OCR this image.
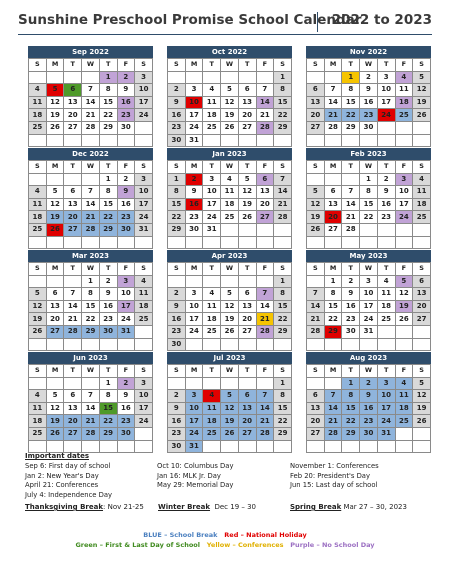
Sunshine Preschool Promise School Calendar
2022 to 2023
Sep 2022
S	M	T	W	T	F	S
				1	2	3
4	5	6	7	8	9	10
11	12	13	14	15	16	17
18	19	20	21	22	23	24
25	26	27	28	29	30	

Oct 2022
S	M	T	W	T	F	S
						1
2	3	4	5	6	7	8
9	10	11	12	13	14	15
16	17	18	19	20	21	22
23	24	25	26	27	28	29
30	31					
Nov 2022
S	M	T	W	T	F	S
		1	2	3	4	5
6	7	8	9	10	11	12
13	14	15	16	17	18	19
20	21	22	23	24	25	26
27	28	29	30			

Dec 2022
S	M	T	W	T	F	S
				1	2	3
4	5	6	7	8	9	10
11	12	13	14	15	16	17
18	19	20	21	22	23	24
25	26	27	28	29	30	31

Jan 2023
S	M	T	W	T	F	S
1	2	3	4	5	6	7
8	9	10	11	12	13	14
15	16	17	18	19	20	21
22	23	24	25	26	27	28
29	30	31				

Feb 2023
S	M	T	W	T	F	S
			1	2	3	4
5	6	7	8	9	10	11
12	13	14	15	16	17	18
19	20	21	22	23	24	25
26	27	28				

Mar 2023
S	M	T	W	T	F	S
			1	2	3	4
5	6	7	8	9	10	11
12	13	14	15	16	17	18
19	20	21	22	23	24	25
26	27	28	29	30	31	

Apr 2023
S	M	T	W	T	F	S
						1
2	3	4	5	6	7	8
9	10	11	12	13	14	15
16	17	18	19	20	21	22
23	24	25	26	27	28	29
30						
May 2023
S	M	T	W	T	F	S
	1	2	3	4	5	6
7	8	9	10	11	12	13
14	15	16	17	18	19	20
21	22	23	24	25	26	27
28	29	30	31			

Jun 2023
S	M	T	W	T	F	S
				1	2	3
4	5	6	7	8	9	10
11	12	13	14	15	16	17
18	19	20	21	22	23	24
25	26	27	28	29	30	

Jul 2023
S	M	T	W	T	F	S
						1
2	3	4	5	6	7	8
9	10	11	12	13	14	15
16	17	18	19	20	21	22
23	24	25	26	27	28	29
30	31					
Aug 2023
S	M	T	W	T	F	S
		1	2	3	4	5
6	7	8	9	10	11	12
13	14	15	16	17	18	19
20	21	22	23	24	25	26
27	28	29	30	31		

Important dates
Sep 6: First day of school
Jan 2: New Year's Day
April 21: Conferences
July 4: Independence Day
Oct 10: Columbus Day
Jan 16: MLK Jr. Day
May 29: Memorial Day
November 1: Conferences
Feb 20: President's Day
Jun 15: Last day of school
Thanksgiving Break: Nov 21-25 Winter Break  Dec 19 – 30	Spring Break Mar 27 – 30, 2023
BLUE – School Break Red – National Holiday
Green – First & Last Day of School Yellow – Conferences Purple – No School Day
